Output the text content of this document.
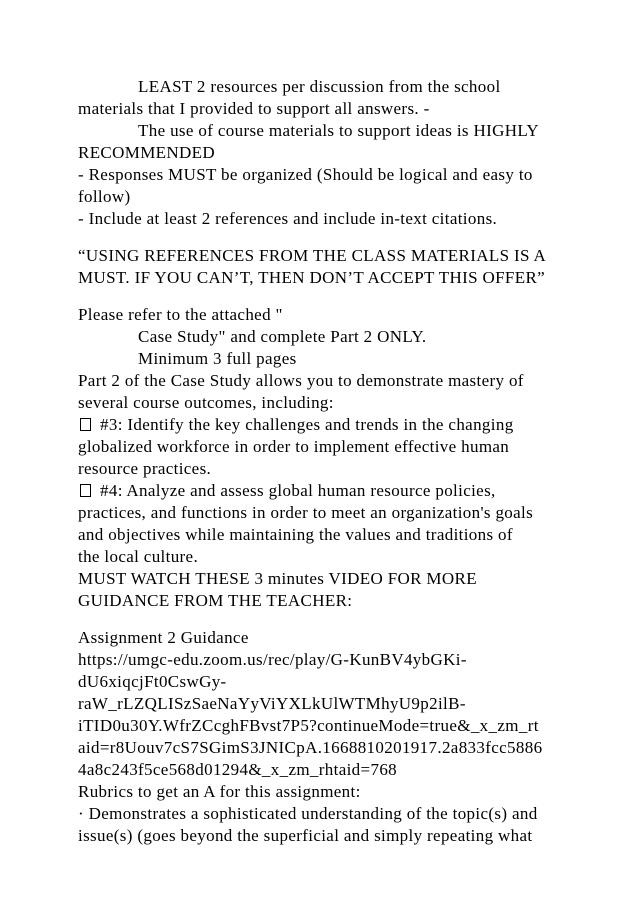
LEAST 2 resources per discussion from the school
materials that I provided to support all answers. -
The use of course materials to support ideas is HIGHLY
RECOMMENDED
- Responses MUST be organized (Should be logical and easy to
follow)
- Include at least 2 references and include in-text citations.
“USING REFERENCES FROM THE CLASS MATERIALS IS A
MUST. IF YOU CAN’T, THEN DON’T ACCEPT THIS OFFER”
Please refer to the attached "
Case Study" and complete Part 2 ONLY.
Minimum 3 full pages
Part 2 of the Case Study allows you to demonstrate mastery of
several course outcomes, including:
#3: Identify the key challenges and trends in the changing
globalized workforce in order to implement effective human
resource practices.
#4: Analyze and assess global human resource policies,
practices, and functions in order to meet an organization's goals
and objectives while maintaining the values and traditions of
the local culture.
MUST WATCH THESE 3 minutes VIDEO FOR MORE
GUIDANCE FROM THE TEACHER:
Assignment 2 Guidance
https://umgc-edu.zoom.us/rec/play/G-KunBV4ybGKi-
dU6xiqcjFt0CswGy-
raW_rLZQLISzSaeNaYyViYXLkUlWTMhyU9p2ilB-
iTID0u30Y.WfrZCcghFBvst7P5?continueMode=true&_x_zm_rt
aid=r8Uouv7cS7SGimS3JNICpA.1668810201917.2a833fcc5886
4a8c243f5ce568d01294&_x_zm_rhtaid=768
Rubrics to get an A for this assignment:
· Demonstrates a sophisticated understanding of the topic(s) and
issue(s) (goes beyond the superficial and simply repeating what
